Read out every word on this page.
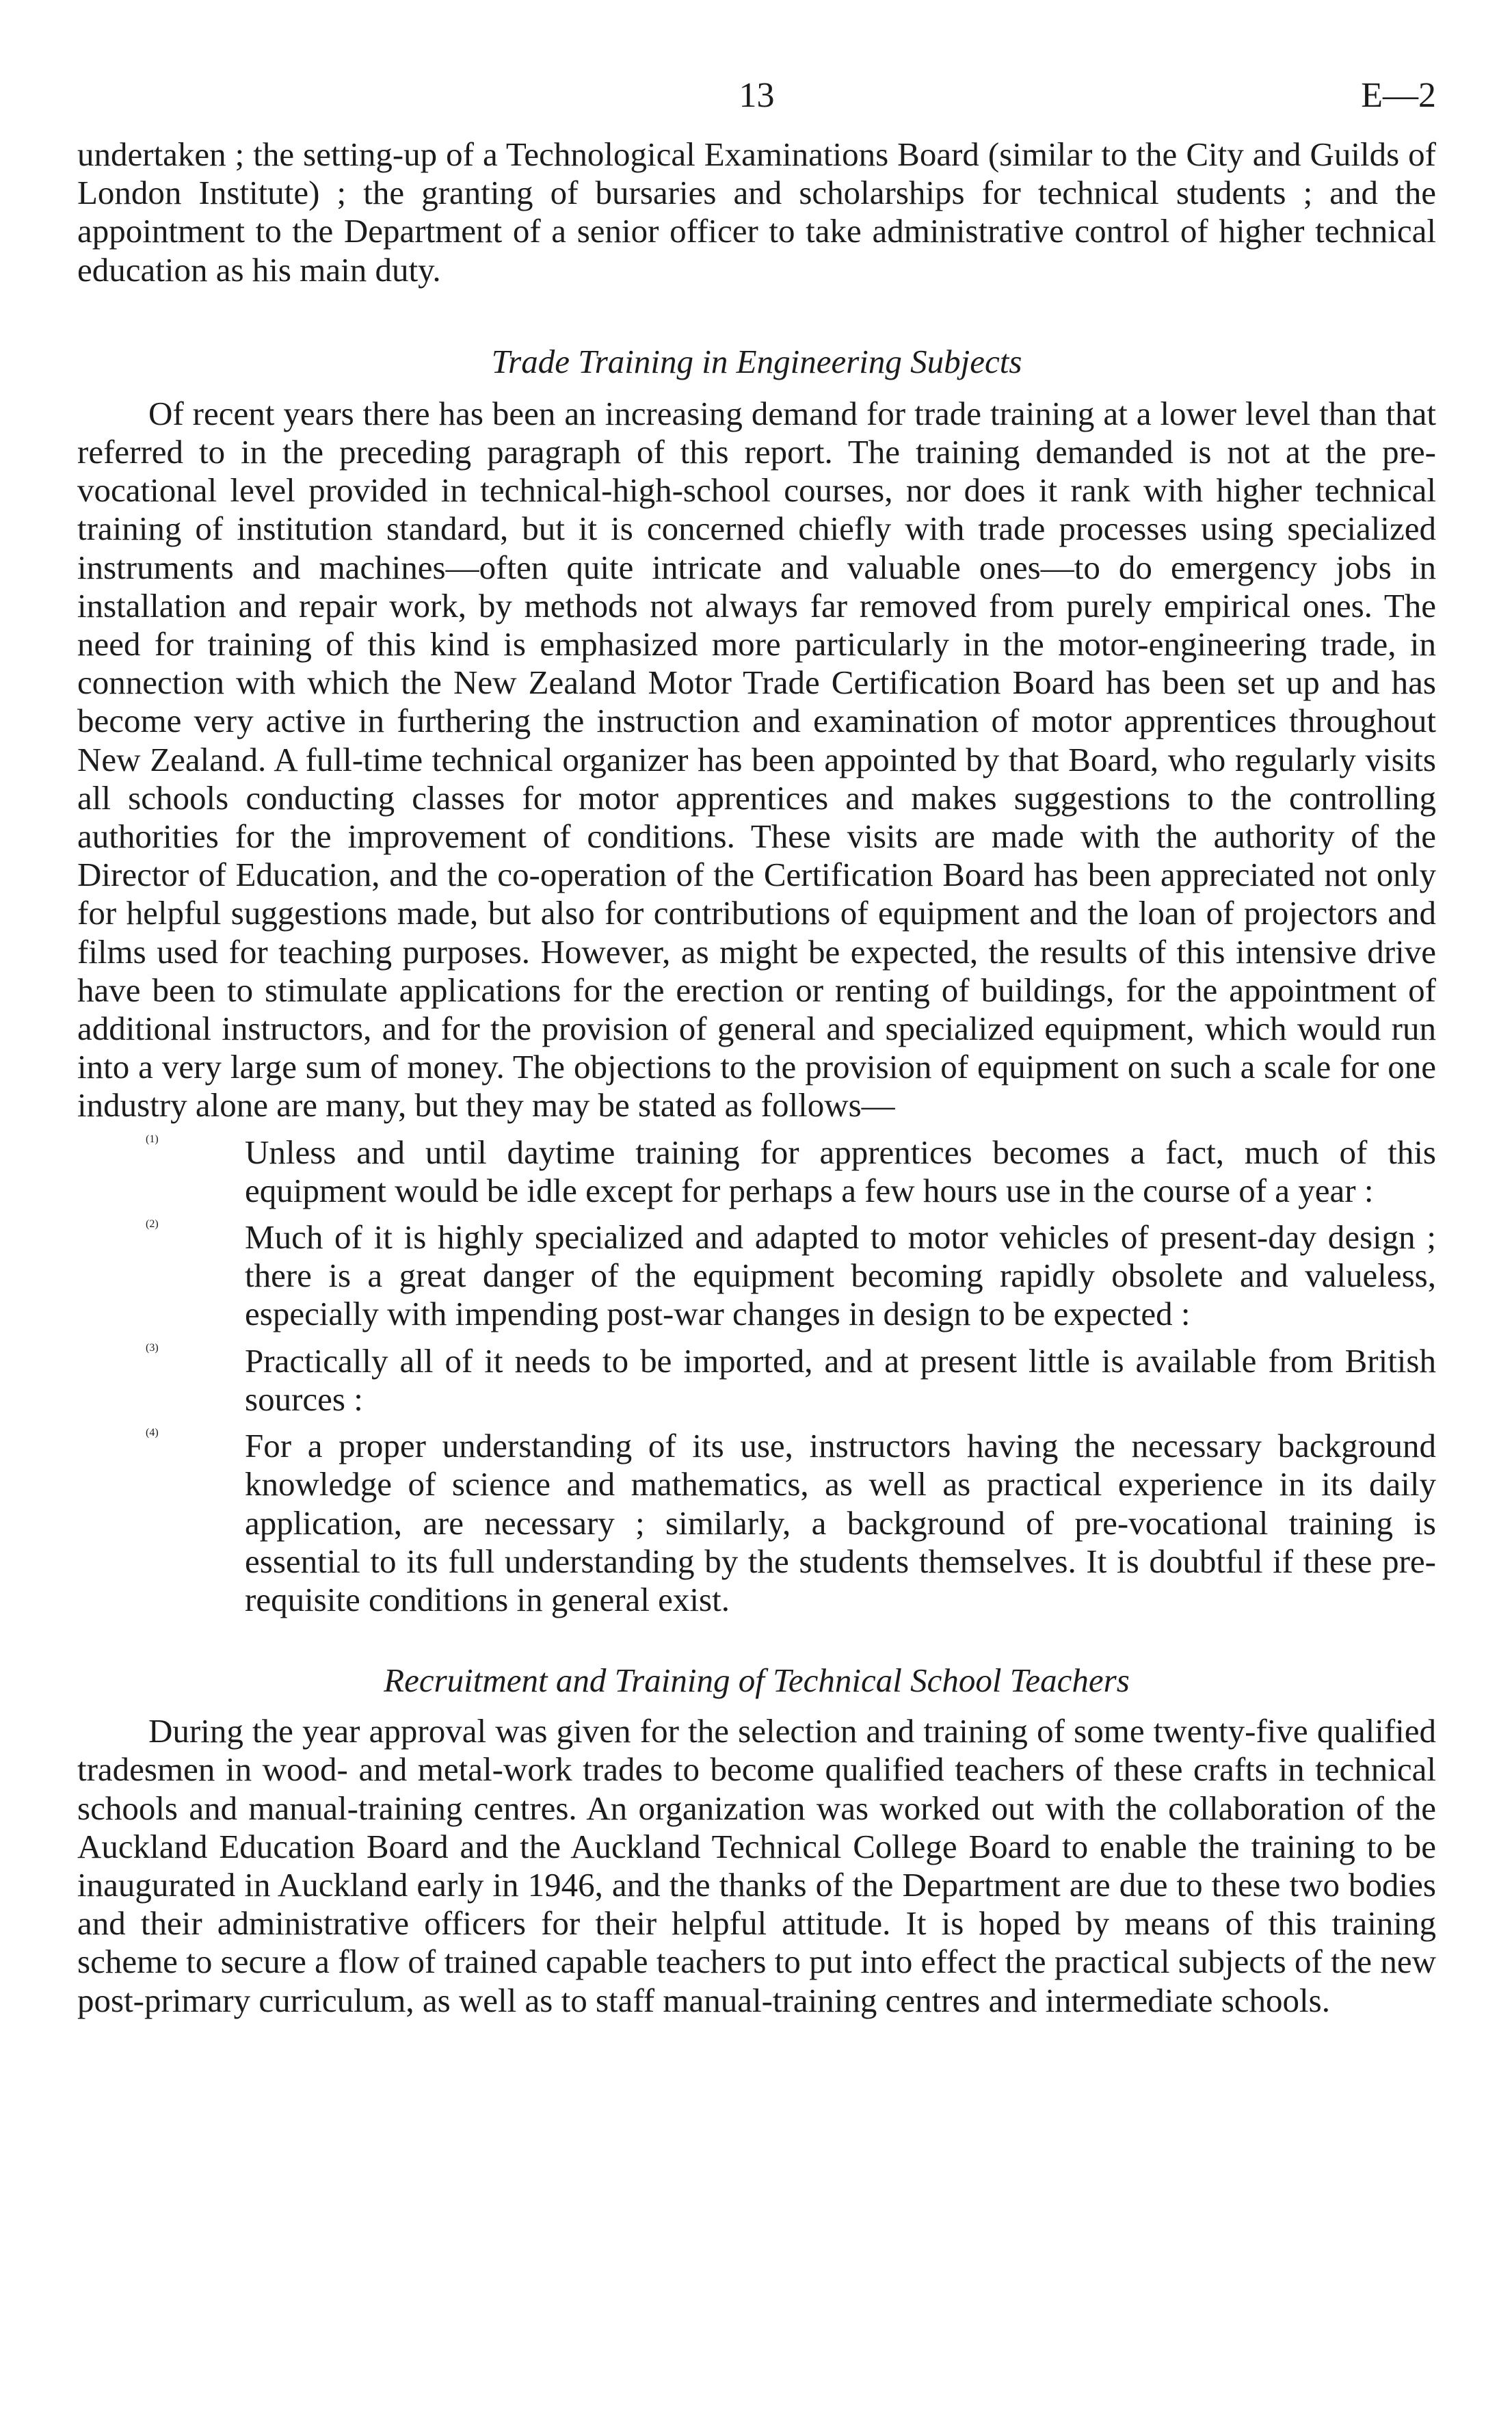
13	E—2

undertaken ; the setting-up of a Technological Examinations Board (similar to the City and Guilds of London Institute) ; the granting of bursaries and scholarships for technical students ; and the appointment to the Department of a senior officer to take administrative control of higher technical education as his main duty.

Trade Training in Engineering Subjects

Of recent years there has been an increasing demand for trade training at a lower level than that referred to in the preceding paragraph of this report. The training demanded is not at the pre-vocational level provided in technical-high-school courses, nor does it rank with higher technical training of institution standard, but it is concerned chiefly with trade processes using specialized instruments and machines—often quite intricate and valuable ones—to do emergency jobs in installation and repair work, by methods not always far removed from purely empirical ones. The need for training of this kind is emphasized more particularly in the motor-engineering trade, in connection with which the New Zealand Motor Trade Certification Board has been set up and has become very active in furthering the instruction and examination of motor apprentices throughout New Zealand. A full-time technical organizer has been appointed by that Board, who regularly visits all schools conducting classes for motor apprentices and makes suggestions to the controlling authorities for the improvement of conditions. These visits are made with the authority of the Director of Education, and the co-operation of the Certification Board has been appreciated not only for helpful suggestions made, but also for contributions of equipment and the loan of projectors and films used for teaching purposes. However, as might be expected, the results of this intensive drive have been to stimulate applications for the erection or renting of buildings, for the appointment of additional instructors, and for the provision of general and specialized equipment, which would run into a very large sum of money. The objections to the provision of equipment on such a scale for one industry alone are many, but they may be stated as follows—

(1)	Unless and until daytime training for apprentices becomes a fact, much of this equipment would be idle except for perhaps a few hours use in the course of a year :

(2)	Much of it is highly specialized and adapted to motor vehicles of present-day design ; there is a great danger of the equipment becoming rapidly obsolete and valueless, especially with impending post-war changes in design to be expected :

(3)	Practically all of it needs to be imported, and at present little is available from British sources :

(4)	For a proper understanding of its use, instructors having the necessary background knowledge of science and mathematics, as well as practical experience in its daily application, are necessary ; similarly, a background of pre-vocational training is essential to its full understanding by the students themselves. It is doubtful if these pre-requisite conditions in general exist.

Recruitment and Training of Technical School Teachers

During the year approval was given for the selection and training of some twenty-five qualified tradesmen in wood- and metal-work trades to become qualified teachers of these crafts in technical schools and manual-training centres. An organization was worked out with the collaboration of the Auckland Education Board and the Auckland Technical College Board to enable the training to be inaugurated in Auckland early in 1946, and the thanks of the Department are due to these two bodies and their administrative officers for their helpful attitude. It is hoped by means of this training scheme to secure a flow of trained capable teachers to put into effect the practical subjects of the new post-primary curriculum, as well as to staff manual-training centres and intermediate schools.
